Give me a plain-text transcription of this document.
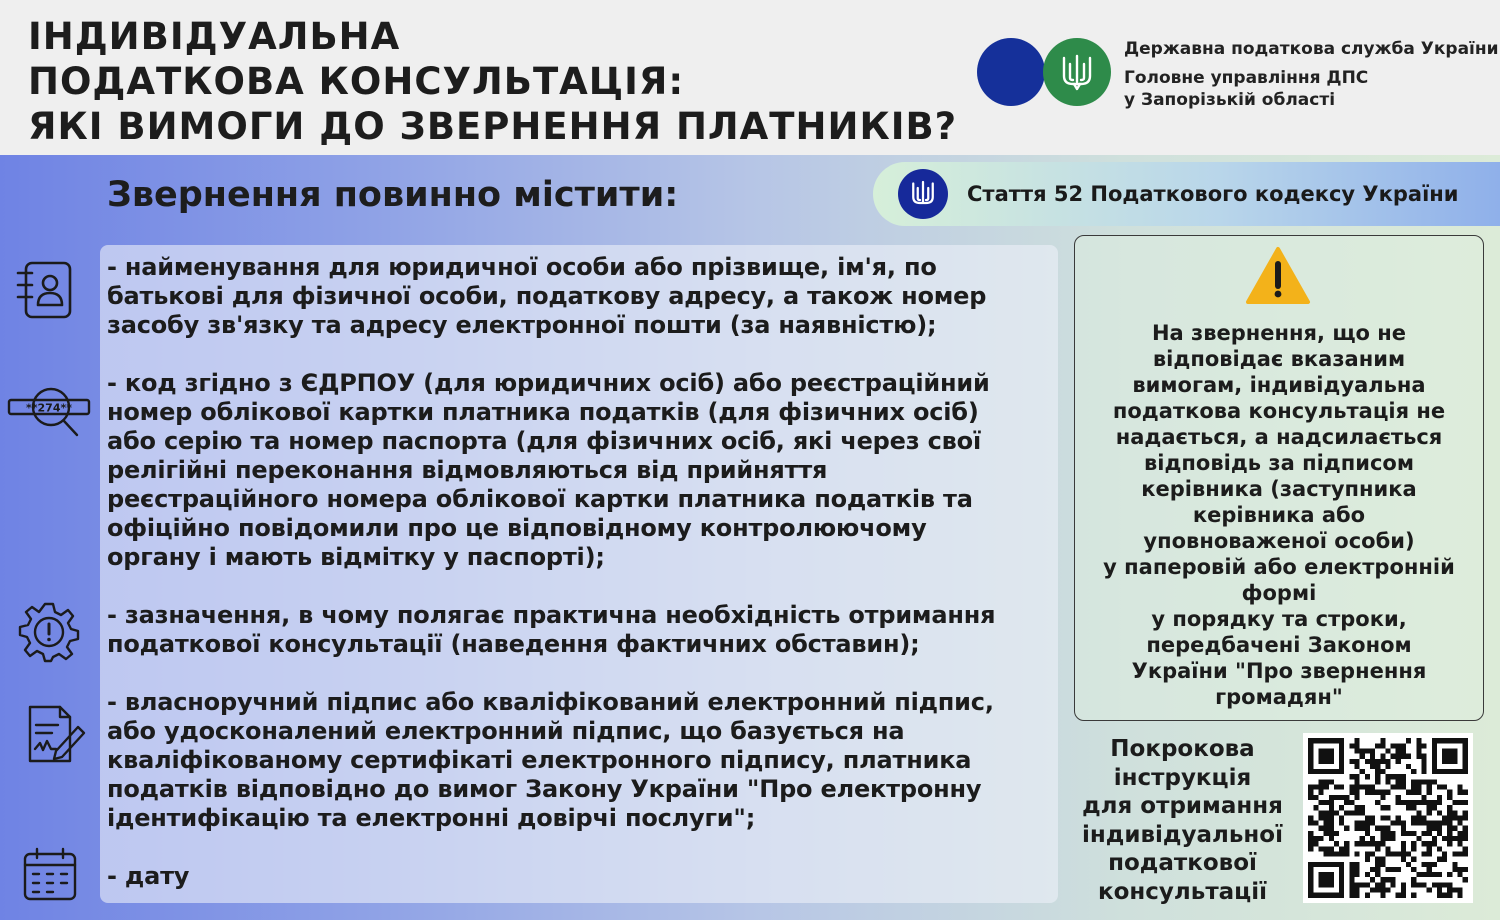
ІНДИВІДУАЛЬНА
ПОДАТКОВА КОНСУЛЬТАЦІЯ:
ЯКІ ВИМОГИ ДО ЗВЕРНЕННЯ ПЛАТНИКІВ?
Державна податкова служба України
Головне управління ДПС
у Запорізькій області
Звернення повинно містити:	Стаття 52 Податкового кодексу України
**274**

- найменування для юридичної особи або прізвище, ім'я, по
батькові для фізичної особи, податкову адресу, а також номер
засобу зв'язку та адресу електронної пошти (за наявністю);

- код згідно з ЄДРПОУ (для юридичних осіб) або реєстраційний
номер облікової картки платника податків (для фізичних осіб)
або серію та номер паспорта (для фізичних осіб, які через свої
релігійні переконання відмовляються від прийняття
реєстраційного номера облікової картки платника податків та
офіційно повідомили про це відповідному контролюючому
органу і мають відмітку у паспорті);

- зазначення, в чому полягає практична необхідність отримання
податкової консультації (наведення фактичних обставин);

- власноручний підпис або кваліфікований електронний підпис,
або удосконалений електронний підпис, що базується на
кваліфікованому сертифікаті електронного підпису, платника
податків відповідно до вимог Закону України "Про електронну
ідентифікацію та електронні довірчі послуги";

- дату

На звернення, що не
відповідає вказаним
вимогам, індивідуальна
податкова консультація не
надається, а надсилається
відповідь за підписом
керівника (заступника
керівника або
уповноваженої особи)
у паперовій або електронній
формі
у порядку та строки,
передбачені Законом
України "Про звернення
громадян"

Покрокова
інструкція
для отримання
індивідуальної
податкової
консультації
